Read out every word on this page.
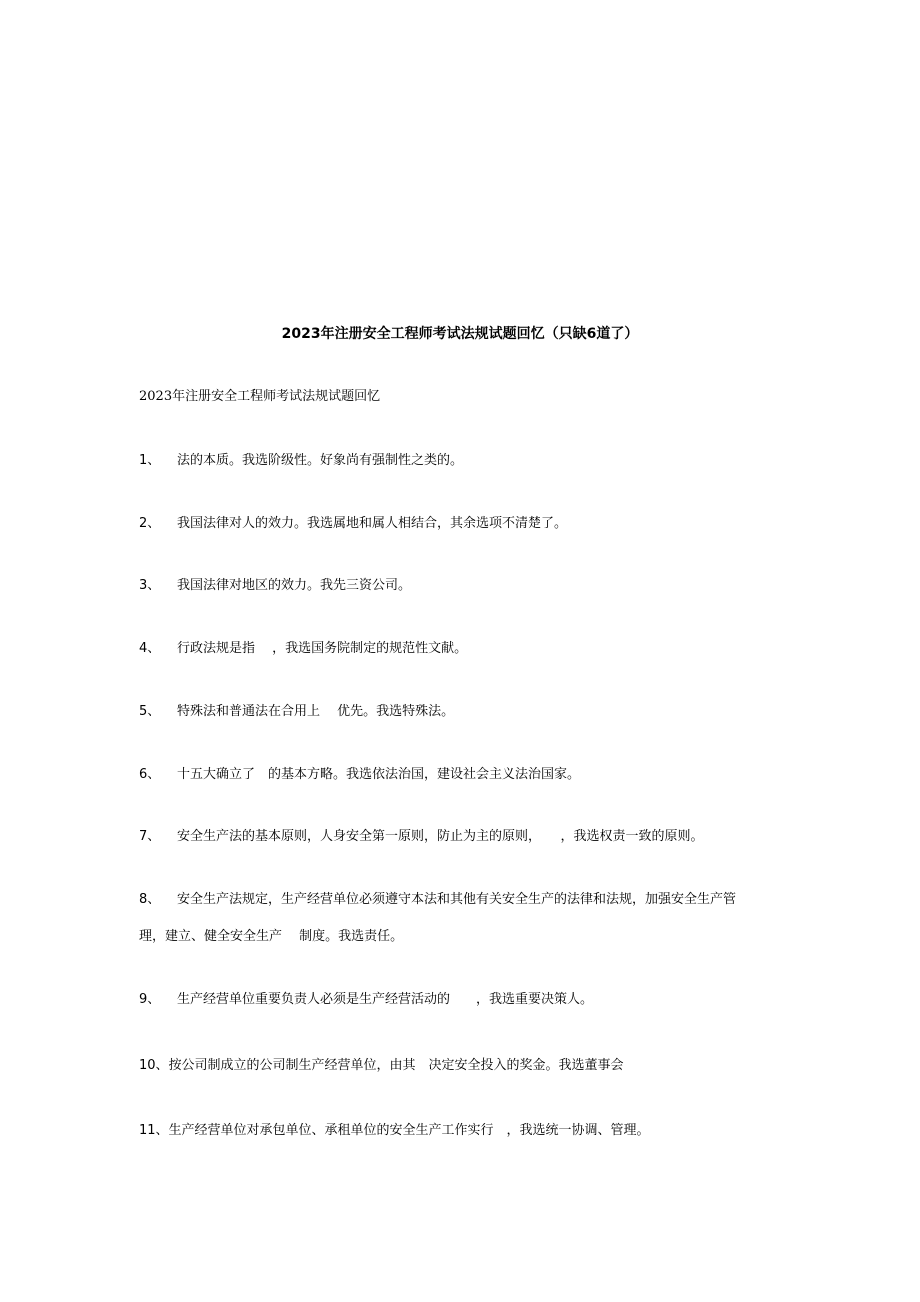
2023年注册安全工程师考试法规试题回忆（只缺6道了）
2023年注册安全工程师考试法规试题回忆
1、 法的本质。我选阶级性。好象尚有强制性之类的。
2、 我国法律对人的效力。我选属地和属人相结合，其余选项不清楚了。
3、 我国法律对地区的效力。我先三资公司。
4、 行政法规是指　 ，我选国务院制定的规范性文献。
5、 特殊法和普通法在合用上　 优先。我选特殊法。
6、 十五大确立了　的基本方略。我选依法治国，建设社会主义法治国家。
7、 安全生产法的基本原则，人身安全第一原则，防止为主的原则，　　，我选权责一致的原则。
8、 安全生产法规定，生产经营单位必须遵守本法和其他有关安全生产的法律和法规，加强安全生产管
理，建立、健全安全生产　 制度。我选责任。
9、 生产经营单位重要负责人必须是生产经营活动的　　，我选重要决策人。
10、按公司制成立的公司制生产经营单位，由其　决定安全投入的奖金。我选董事会
11、生产经营单位对承包单位、承租单位的安全生产工作实行　，我选统一协调、管理。
